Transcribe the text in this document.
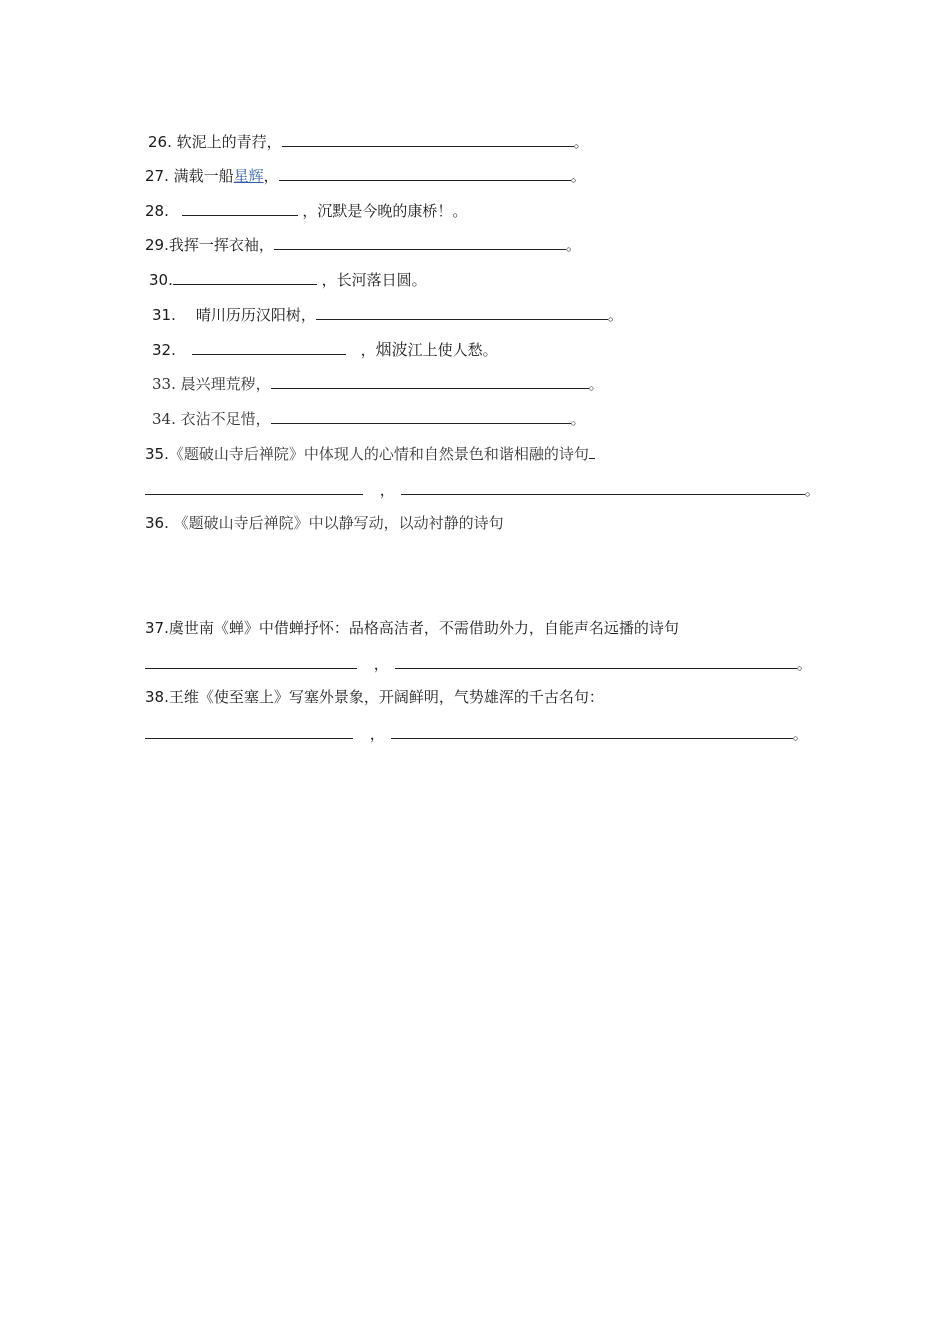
26. 软泥上的青荇，	。
27. 满载一船星辉，	。
28.	，沉默是今晚的康桥！。
29.我挥一挥衣袖，	。
30.	，长河落日圆。
31. 晴川历历汉阳树，	。
32.	，烟波江上使人愁。
33. 晨兴理荒秽，	。
34. 衣沾不足惜，	。
35.《题破山寺后禅院》中体现人的心情和自然景色和谐相融的诗句
，	。
36. 《题破山寺后禅院》中以静写动，以动衬静的诗句
37.虞世南《蝉》中借蝉抒怀：品格高洁者，不需借助外力，自能声名远播的诗句
，	。
38.王维《使至塞上》写塞外景象，开阔鲜明，气势雄浑的千古名句：
，	。
